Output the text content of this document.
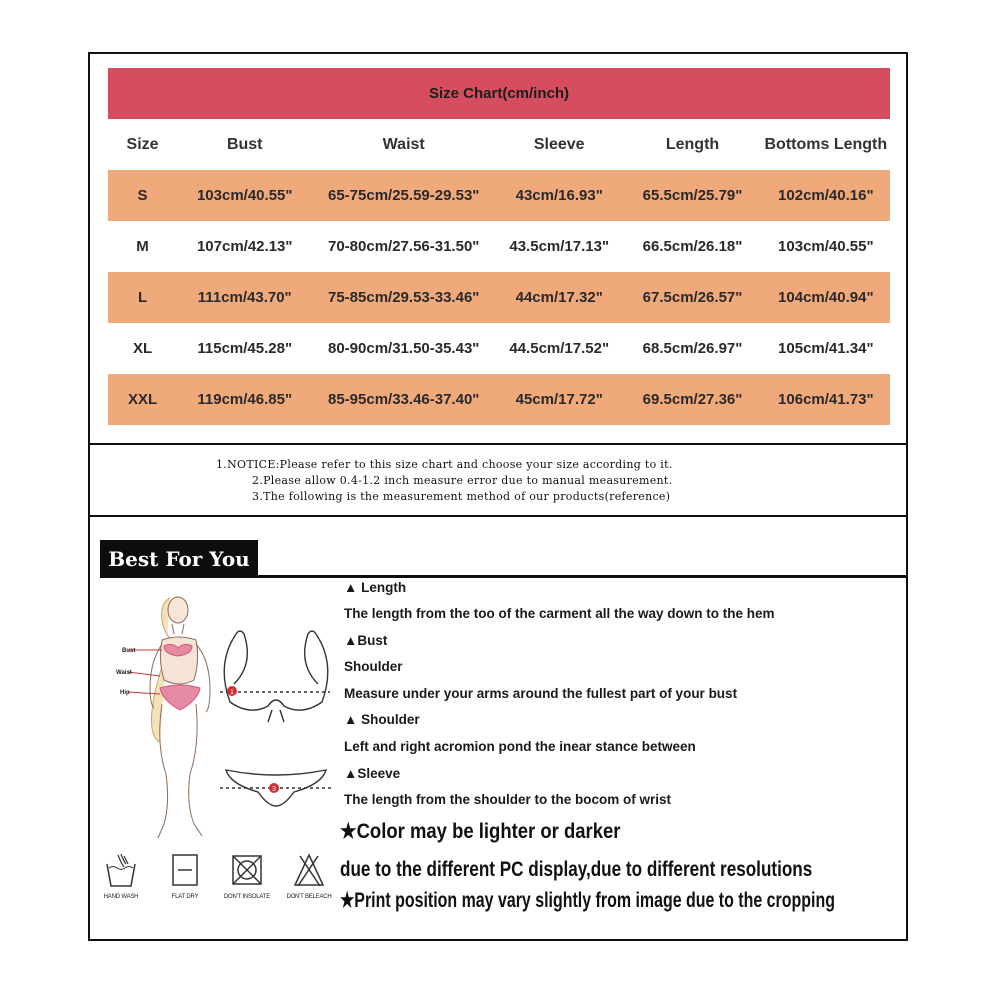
Size Chart(cm/inch)
Size	Bust	Waist	Sleeve	Length	Bottoms Length
S	103cm/40.55"	65-75cm/25.59-29.53"	43cm/16.93"	65.5cm/25.79"	102cm/40.16"
M	107cm/42.13"	70-80cm/27.56-31.50"	43.5cm/17.13"	66.5cm/26.18"	103cm/40.55"
L	111cm/43.70"	75-85cm/29.53-33.46"	44cm/17.32"	67.5cm/26.57"	104cm/40.94"
XL	115cm/45.28"	80-90cm/31.50-35.43"	44.5cm/17.52"	68.5cm/26.97"	105cm/41.34"
XXL	119cm/46.85"	85-95cm/33.46-37.40"	45cm/17.72"	69.5cm/27.36"	106cm/41.73"
1.NOTICE:Please refer to this size chart and choose your size according to it.
2.Please allow 0.4-1.2 inch measure error due to manual measurement.
3.The following is the measurement method of our products(reference)
Best For You
Bust
Waist
Hip	1
3
▲ Length
The length from the too of the carment all the way down to the hem
▲Bust
Shoulder
Measure under your arms around the fullest part of your bust
▲ Shoulder
Left and right acromion pond the inear stance between
▲Sleeve
The length from the shoulder to the bocom of wrist
★Color may be lighter or darker
due to the different PC display,due to different resolutions
★Print position may vary slightly from image due to the cropping
HAND WASH	FLAT DRY	DON'T INSOLATE	DON'T BELEACH
